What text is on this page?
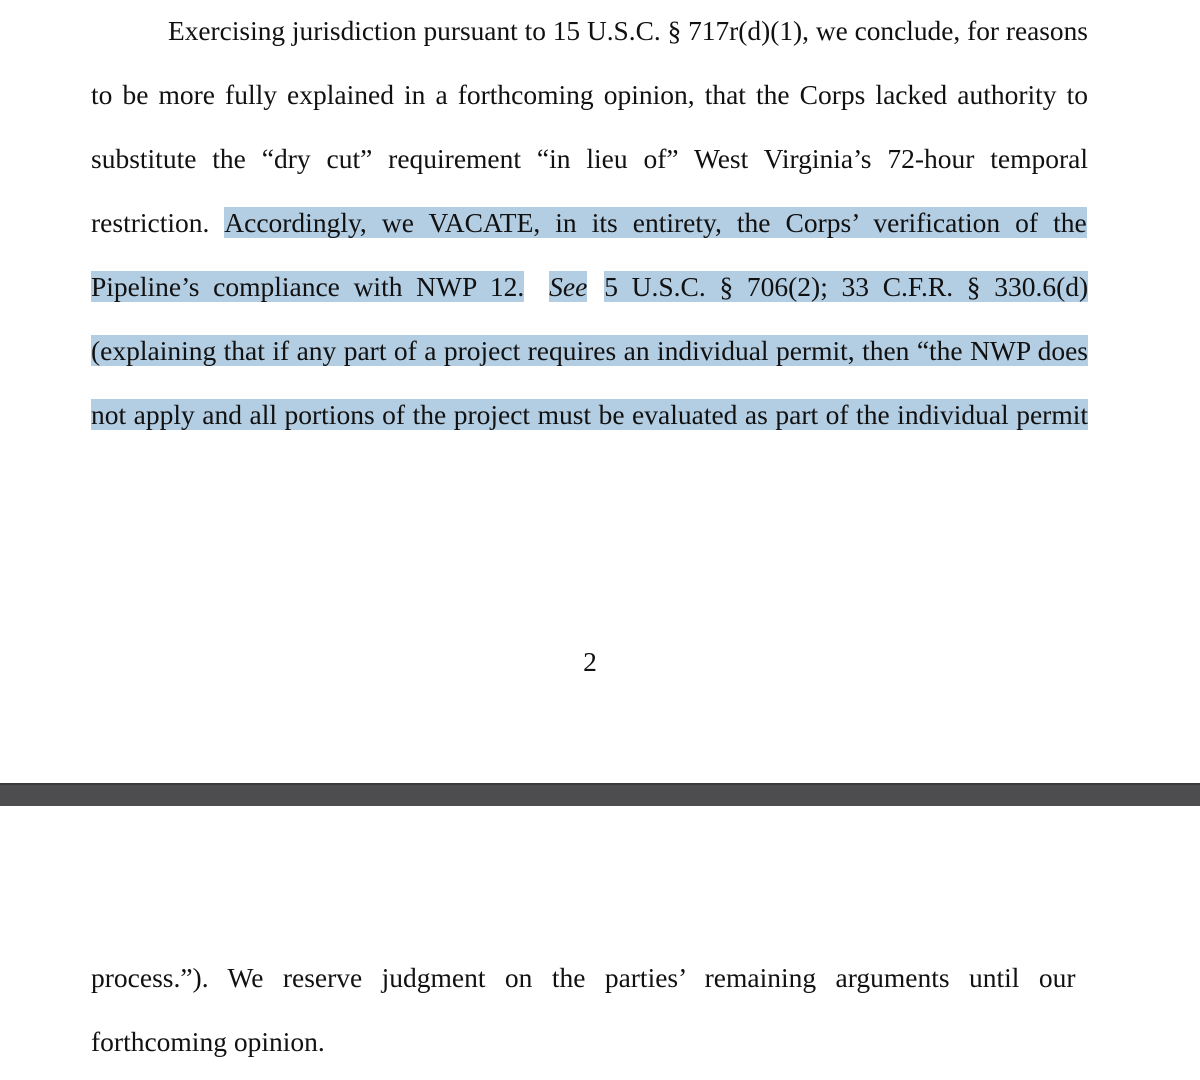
Exercising jurisdiction pursuant to 15 U.S.C. § 717r(d)(1), we conclude, for reasons
to be more fully explained in a forthcoming opinion, that the Corps lacked authority to
substitute the “dry cut” requirement “in lieu of” West Virginia’s 72-hour temporal
restriction. Accordingly, we VACATE, in its entirety, the Corps’ verification of the
Pipeline’s compliance with NWP 12. See 5 U.S.C. § 706(2); 33 C.F.R. § 330.6(d)
(explaining that if any part of a project requires an individual permit, then “the NWP does
not apply and all portions of the project must be evaluated as part of the individual permit
2
process.”). We reserve judgment on the parties’ remaining arguments until our
forthcoming opinion.
